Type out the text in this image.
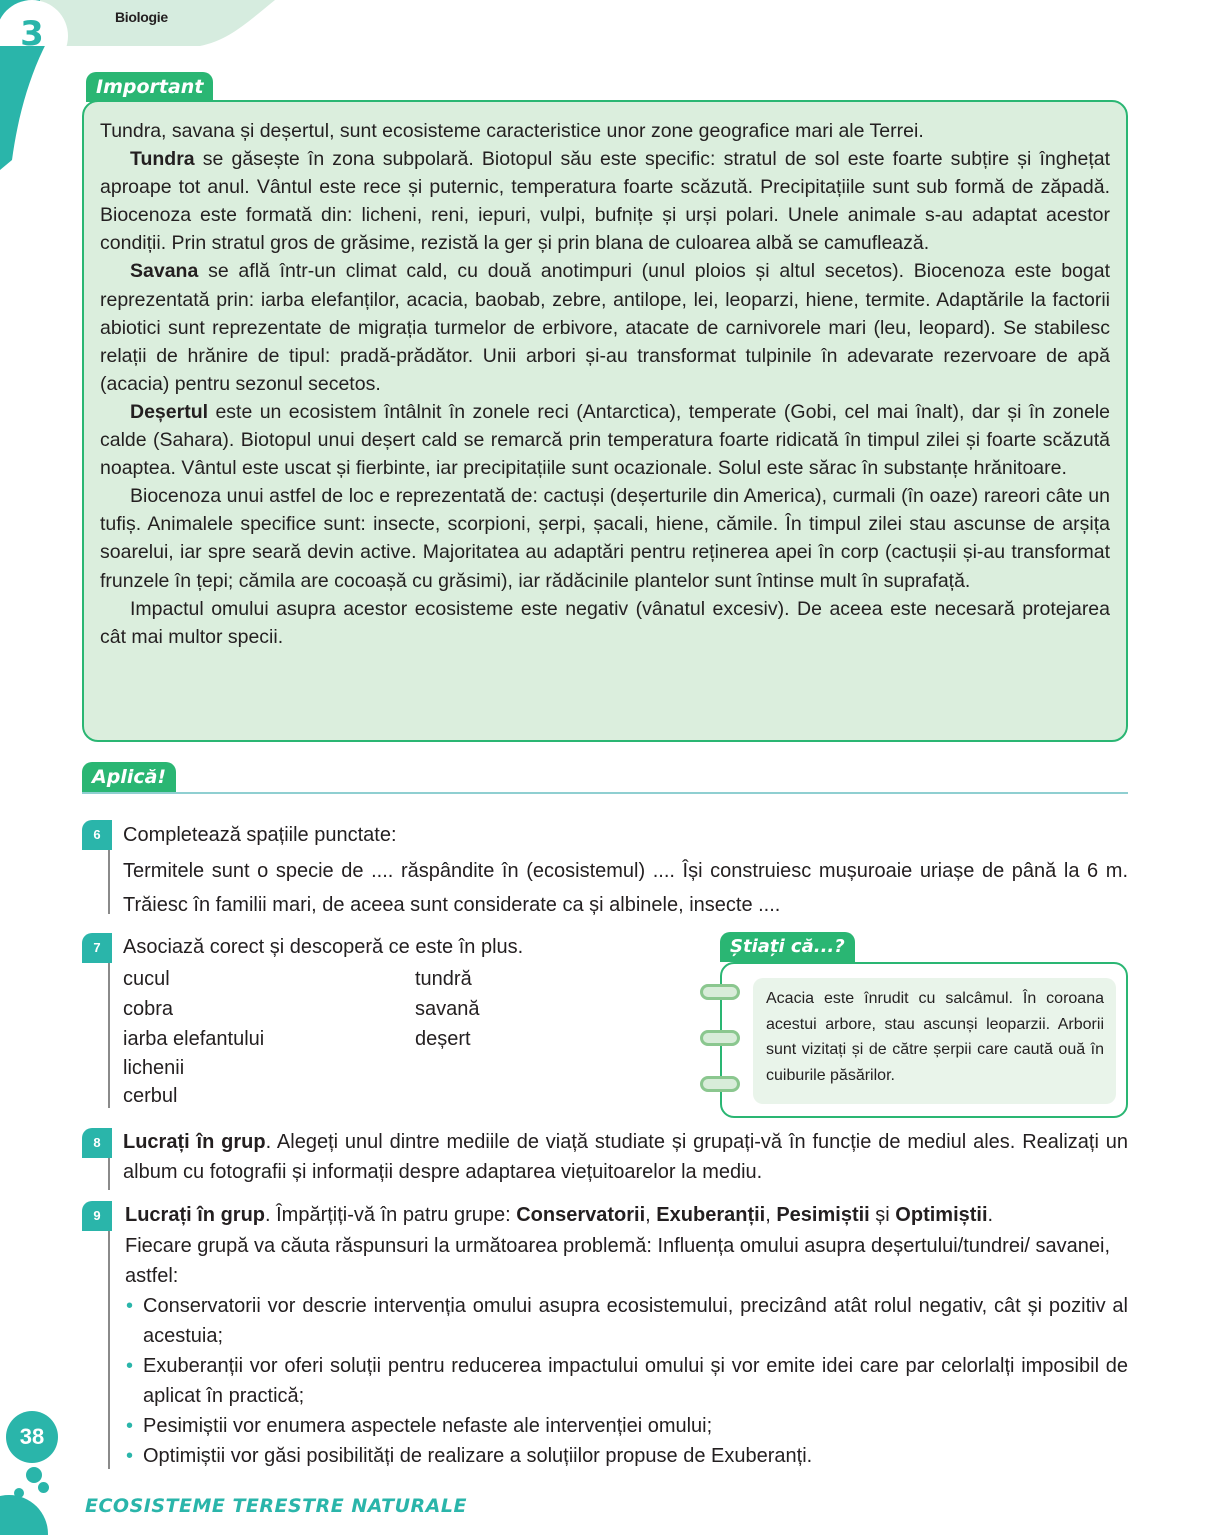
3	Biologie
Important

Tundra, savana și deșertul, sunt ecosisteme caracteristice unor zone geografice mari ale Terrei.

Tundra se găsește în zona subpolară. Biotopul său este specific: stratul de sol este foarte subțire și înghețat aproape tot anul. Vântul este rece și puternic, temperatura foarte scăzută. Precipitațiile sunt sub formă de zăpadă. Biocenoza este formată din: licheni, reni, iepuri, vulpi, bufnițe și urși polari. Unele animale s-au adaptat acestor condiții. Prin stratul gros de grăsime, rezistă la ger și prin blana de culoarea albă se camuflează.

Savana se află într-un climat cald, cu două anotimpuri (unul ploios și altul secetos). Biocenoza este bogat reprezentată prin: iarba elefanților, acacia, baobab, zebre, antilope, lei, leoparzi, hiene, termite. Adaptările la factorii abiotici sunt reprezentate de migrația turmelor de erbivore, atacate de carnivorele mari (leu, leopard). Se stabilesc relații de hrănire de tipul: pradă-prădător. Unii arbori și-au transformat tulpinile în adevarate rezervoare de apă (acacia) pentru sezonul secetos.

Deșertul este un ecosistem întâlnit în zonele reci (Antarctica), temperate (Gobi, cel mai înalt), dar și în zonele calde (Sahara). Biotopul unui deșert cald se remarcă prin temperatura foarte ridicată în timpul zilei și foarte scăzută noaptea. Vântul este uscat și fierbinte, iar precipitațiile sunt ocazionale. Solul este sărac în substanțe hrănitoare.

Biocenoza unui astfel de loc e reprezentată de: cactuși (deșerturile din America), curmali (în oaze) rareori câte un tufiș. Animalele specifice sunt: insecte, scorpioni, șerpi, șacali, hiene, cămile. În timpul zilei stau ascunse de arșița soarelui, iar spre seară devin active. Majoritatea au adaptări pentru reținerea apei în corp (cactușii și-au transformat frunzele în țepi; cămila are cocoașă cu grăsimi), iar rădăcinile plantelor sunt întinse mult în suprafață.

Impactul omului asupra acestor ecosisteme este negativ (vânatul excesiv). De aceea este necesară protejarea cât mai multor specii.

Aplică!
6	Completează spațiile punctate:
Termitele sunt o specie de .... răspândite în (ecosistemul) .... Își construiesc mușuroaie uriașe de până la 6 m. Trăiesc în familii mari, de aceea sunt considerate ca și albinele, insecte ....
7	Asociază corect și descoperă ce este în plus.
cucul
cobra
iarba elefantului
lichenii
cerbul
tundră
savană
deșert
Știați că...?
Acacia este înrudit cu salcâmul. În coroana acestui arbore, stau ascunși leoparzii. Arborii sunt vizitați și de către șerpii care caută ouă în cuiburile păsărilor.
8	Lucrați în grup. Alegeți unul dintre mediile de viață studiate și grupați-vă în funcție de mediul ales. Realizați un album cu fotografii și informații despre adaptarea viețuitoarelor la mediu.
9	Lucrați în grup. Împărțiți-vă în patru grupe: Conservatorii, Exuberanții, Pesimiștii și Optimiștii.
Fiecare grupă va căuta răspunsuri la următoarea problemă: Influența omului asupra deșertului/tundrei/ savanei, astfel:
• Conservatorii vor descrie intervenția omului asupra ecosistemului, precizând atât rolul negativ, cât și pozitiv al acestuia;
• Exuberanții vor oferi soluții pentru reducerea impactului omului și vor emite idei care par celorlalți imposibil de aplicat în practică;
• Pesimiștii vor enumera aspectele nefaste ale intervenției omului;
• Optimiștii vor găsi posibilități de realizare a soluțiilor propuse de Exuberanți.
38
ECOSISTEME TERESTRE NATURALE
